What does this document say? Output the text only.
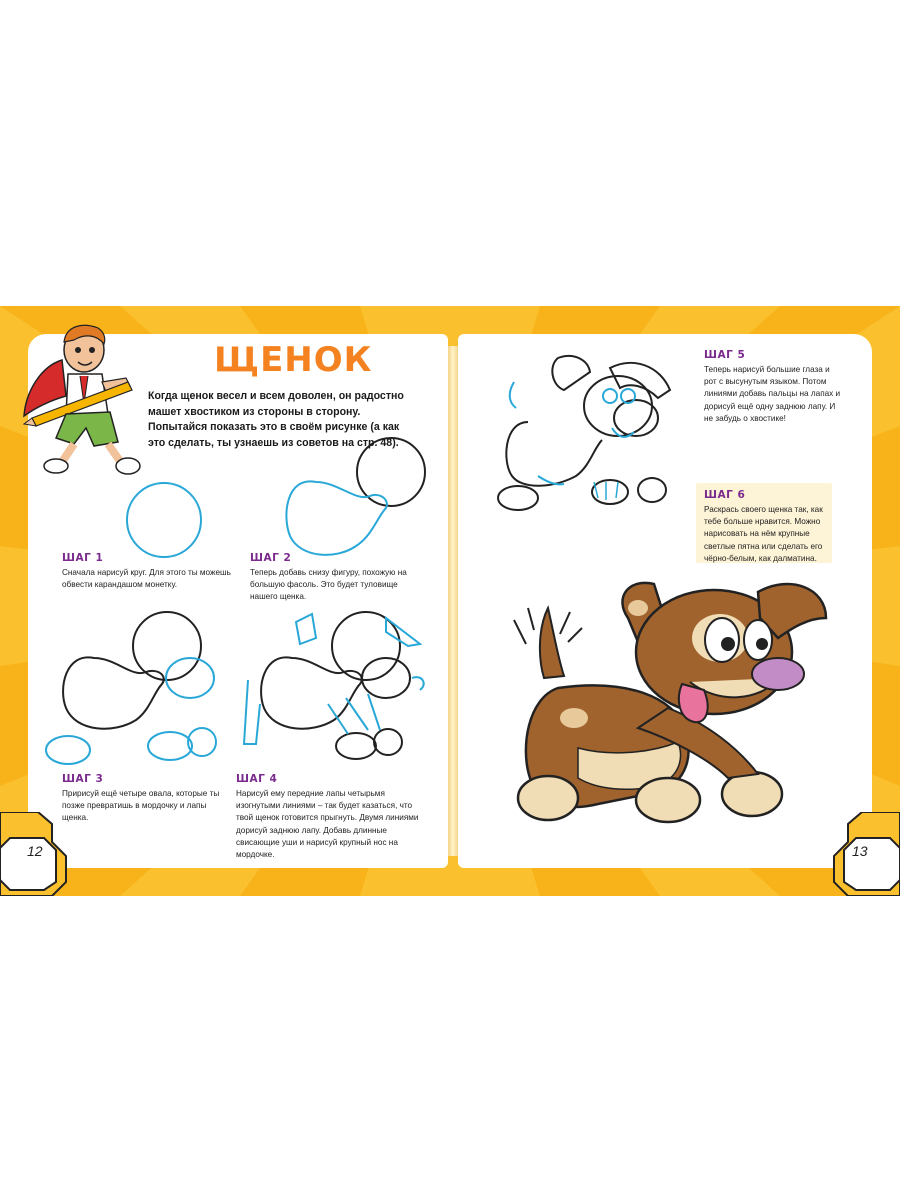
ЩЕНОК

Когда щенок весел и всем доволен, он радостно машет хвостиком из стороны в сторону. Попытайся показать это в своём рисунке (а как это сделать, ты узнаешь из советов на стр. 48).

ШАГ 1

Сначала нарисуй круг. Для этого ты можешь обвести карандашом монетку.

ШАГ 2

Теперь добавь снизу фигуру, похожую на большую фасоль. Это будет туловище нашего щенка.

ШАГ 3

Пририсуй ещё четыре овала, которые ты позже превратишь в мордочку и лапы щенка.

ШАГ 4

Нарисуй ему передние лапы четырьмя изогнутыми линиями – так будет казаться, что твой щенок готовится прыгнуть. Двумя линиями дорисуй заднюю лапу. Добавь длинные свисающие уши и нарисуй крупный нос на мордочке.

ШАГ 5

Теперь нарисуй большие глаза и рот с высунутым языком. Потом линиями добавь пальцы на лапах и дорисуй ещё одну заднюю лапу. И не забудь о хвостике!

ШАГ 6

Раскрась своего щенка так, как тебе больше нравится. Можно нарисовать на нём крупные светлые пятна или сделать его чёрно-белым, как далматина.

12	13
